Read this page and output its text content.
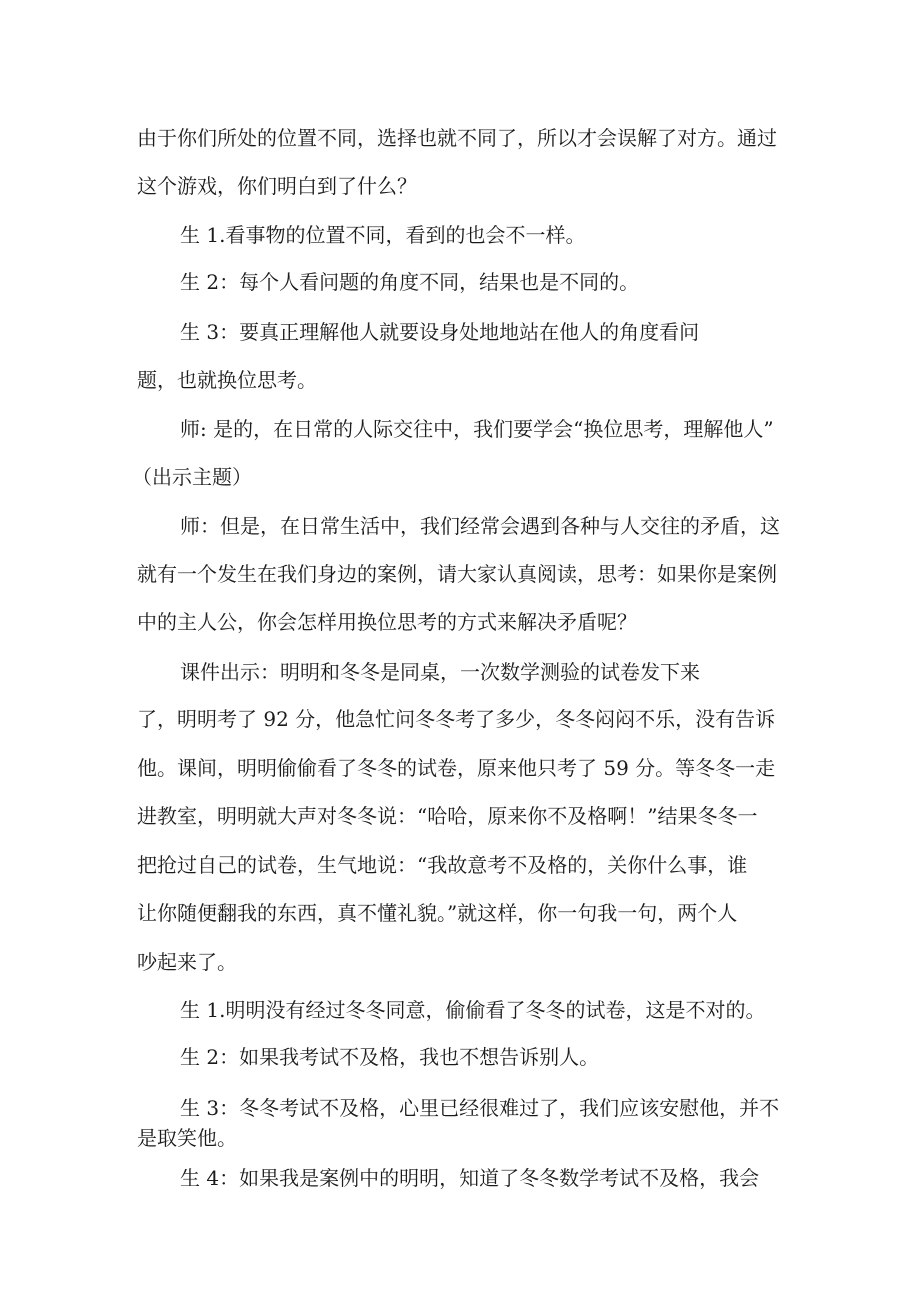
由于你们所处的位置不同，选择也就不同了，所以才会误解了对方。通过

这个游戏，你们明白到了什么？

生 1.看事物的位置不同，看到的也会不一样。

生 2：每个人看问题的角度不同，结果也是不同的。

生 3：要真正理解他人就要设身处地地站在他人的角度看问

题，也就换位思考。

师: 是的，在日常的人际交往中，我们要学会“换位思考，理解他人”

（出示主题）

师：但是，在日常生活中，我们经常会遇到各种与人交往的矛盾，这

就有一个发生在我们身边的案例，请大家认真阅读，思考：如果你是案例

中的主人公，你会怎样用换位思考的方式来解决矛盾呢？

课件出示：明明和冬冬是同桌，一次数学测验的试卷发下来

了，明明考了 92 分，他急忙问冬冬考了多少，冬冬闷闷不乐，没有告诉

他。课间，明明偷偷看了冬冬的试卷，原来他只考了 59 分。等冬冬一走

进教室，明明就大声对冬冬说：“哈哈，原来你不及格啊！”结果冬冬一

把抢过自己的试卷，生气地说：“我故意考不及格的，关你什么事，谁

让你随便翻我的东西，真不懂礼貌。”就这样，你一句我一句，两个人

吵起来了。

生 1.明明没有经过冬冬同意，偷偷看了冬冬的试卷，这是不对的。

生 2：如果我考试不及格，我也不想告诉别人。

生 3：冬冬考试不及格，心里已经很难过了，我们应该安慰他，并不

是取笑他。

生 4：如果我是案例中的明明，知道了冬冬数学考试不及格，我会
